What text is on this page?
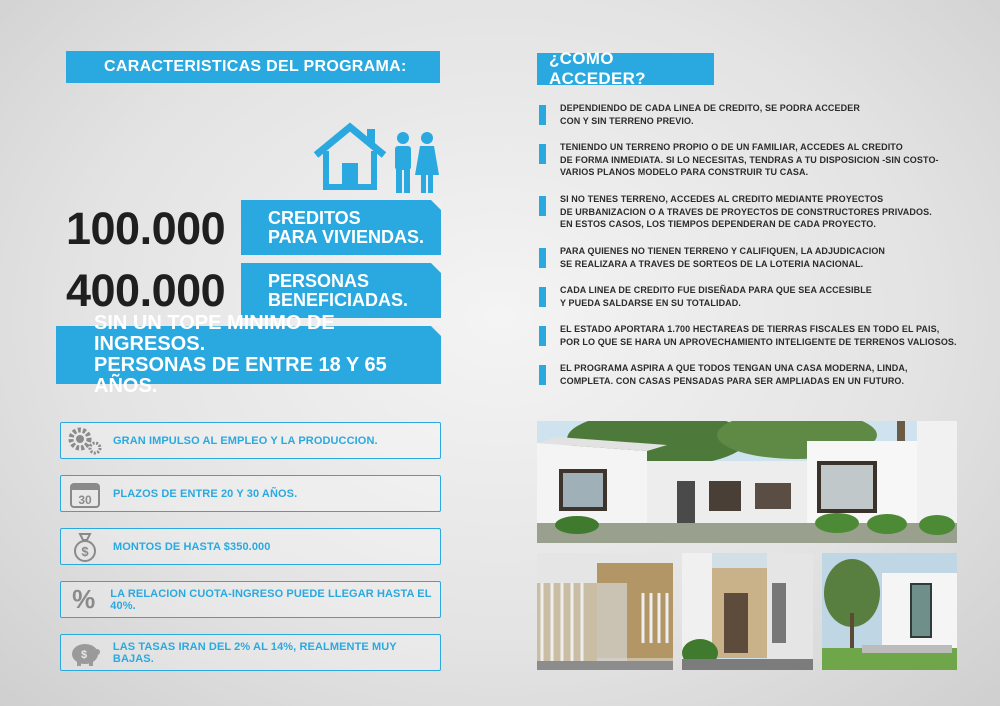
CARACTERISTICAS DEL PROGRAMA:
100.000 CREDITOS
PARA VIVIENDAS.
400.000 PERSONAS
BENEFICIADAS.
SIN UN TOPE MINIMO DE INGRESOS.
PERSONAS DE ENTRE 18 Y 65 AÑOS.
GRAN IMPULSO AL EMPLEO Y LA PRODUCCION.
30	PLAZOS DE ENTRE 20 Y 30 AÑOS.
$	MONTOS DE HASTA $350.000
%	LA RELACION CUOTA-INGRESO PUEDE LLEGAR HASTA EL 40%.
$
LAS TASAS IRAN DEL 2% AL 14%, REALMENTE MUY BAJAS.
¿COMO ACCEDER?
DEPENDIENDO DE CADA LINEA DE CREDITO, SE PODRA ACCEDER
CON Y SIN TERRENO PREVIO.
TENIENDO UN TERRENO PROPIO O DE UN FAMILIAR, ACCEDES AL CREDITO
DE FORMA INMEDIATA. SI LO NECESITAS, TENDRAS A TU DISPOSICION -SIN COSTO-
VARIOS PLANOS MODELO PARA CONSTRUIR TU CASA.
SI NO TENES TERRENO, ACCEDES AL CREDITO MEDIANTE PROYECTOS
DE URBANIZACION O A TRAVES DE PROYECTOS DE CONSTRUCTORES PRIVADOS.
EN ESTOS CASOS, LOS TIEMPOS DEPENDERAN DE CADA PROYECTO.
PARA QUIENES NO TIENEN TERRENO Y CALIFIQUEN, LA ADJUDICACION
SE REALIZARA A TRAVES DE SORTEOS DE LA LOTERIA NACIONAL.
CADA LINEA DE CREDITO FUE DISEÑADA PARA QUE SEA ACCESIBLE
Y PUEDA SALDARSE EN SU TOTALIDAD.
EL ESTADO APORTARA 1.700 HECTAREAS DE TIERRAS FISCALES EN TODO EL PAIS,
POR LO QUE SE HARA UN APROVECHAMIENTO INTELIGENTE DE TERRENOS VALIOSOS.
EL PROGRAMA ASPIRA A QUE TODOS TENGAN UNA CASA MODERNA, LINDA,
COMPLETA. CON CASAS PENSADAS PARA SER AMPLIADAS EN UN FUTURO.
